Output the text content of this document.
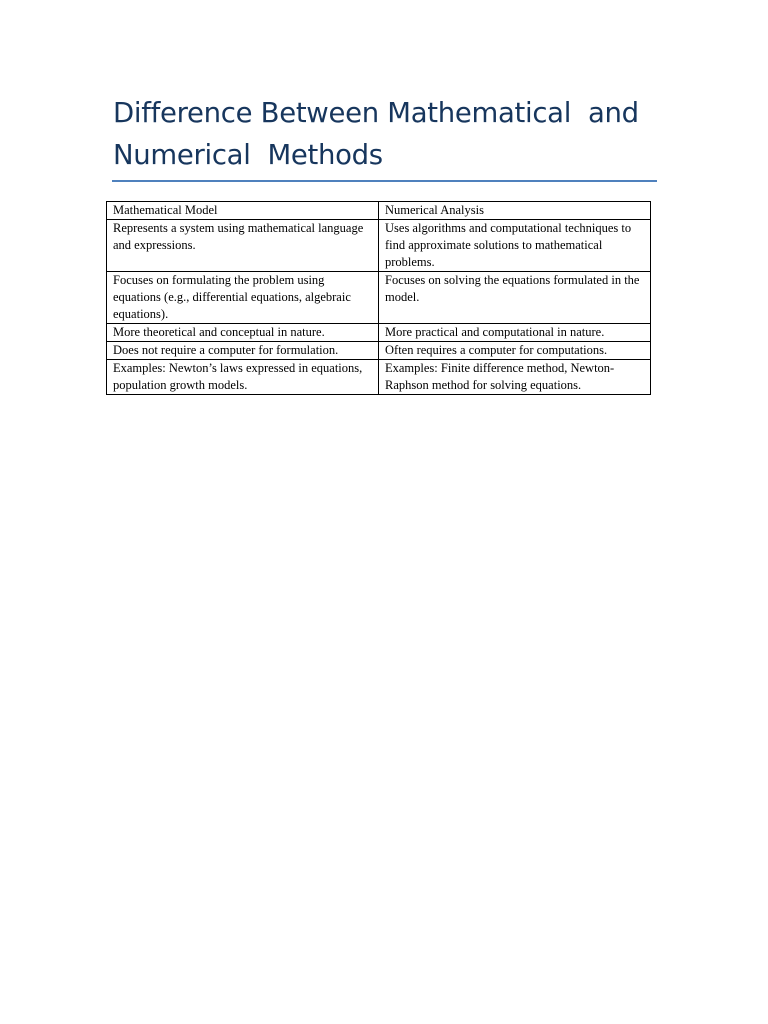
Difference Between Mathematical  and Numerical  Methods
Mathematical Model	Numerical Analysis
Represents a system using mathematical language and expressions.	Uses algorithms and computational techniques to find approximate solutions to mathematical problems.
Focuses on formulating the problem using equations (e.g., differential equations, algebraic equations).	Focuses on solving the equations formulated in the model.
More theoretical and conceptual in nature.	More practical and computational in nature.
Does not require a computer for formulation.	Often requires a computer for computations.
Examples: Newton’s laws expressed in equations, population growth models.	Examples: Finite difference method, Newton-Raphson method for solving equations.
